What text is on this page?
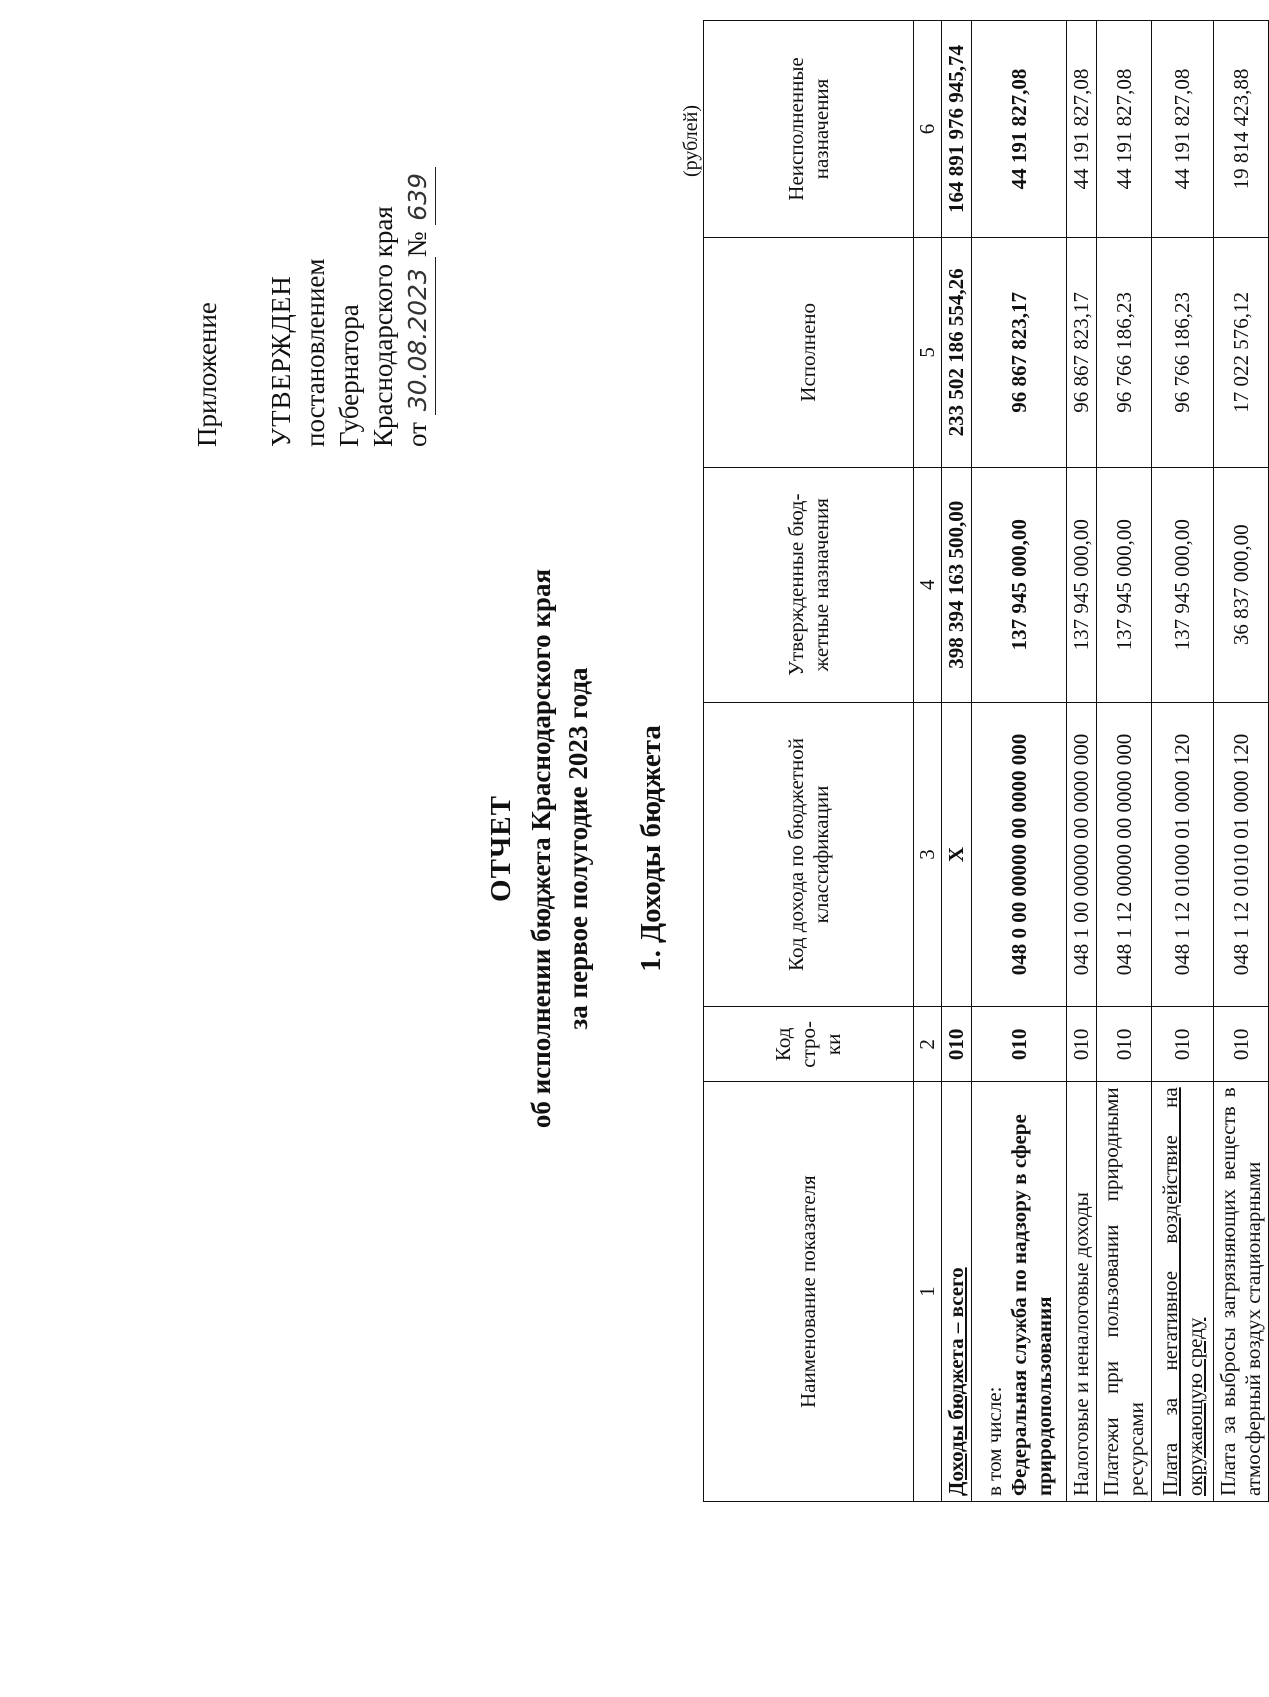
Приложение УТВЕРЖДЕН постановлением Губернатора Краснодарского края от 30.08.2023№ 639
ОТЧЕТ об исполнении бюджета Краснодарского края за первое полугодие 2023 года 1. Доходы бюджета
(рублей)
Наименование показателя	Код стро- ки	Код дохода по бюджетной классификации	Утвержденные бюд- жетные назначения	Исполнено	Неисполненные назначения
1	2	3	4	5	6
Доходы бюджета – всего	010	X	398 394 163 500,00	233 502 186 554,26	164 891 976 945,74

в том числе: Федеральная служба по надзору в сфере природопользования	010	048 0 00 00000 00 0000 000	137 945 000,00	96 867 823,17	44 191 827,08
Налоговые и неналоговые доходы	010	048 1 00 00000 00 0000 000	137 945 000,00	96 867 823,17	44 191 827,08
Платежи при пользовании природными ресурсами	010	048 1 12 00000 00 0000 000	137 945 000,00	96 766 186,23	44 191 827,08
Плата за негативное воздействие на окружающую среду	010	048 1 12 01000 01 0000 120	137 945 000,00	96 766 186,23	44 191 827,08
Плата за выбросы загрязняющих веществ в атмосферный воздух стационарными	010	048 1 12 01010 01 0000 120	36 837 000,00	17 022 576,12	19 814 423,88
